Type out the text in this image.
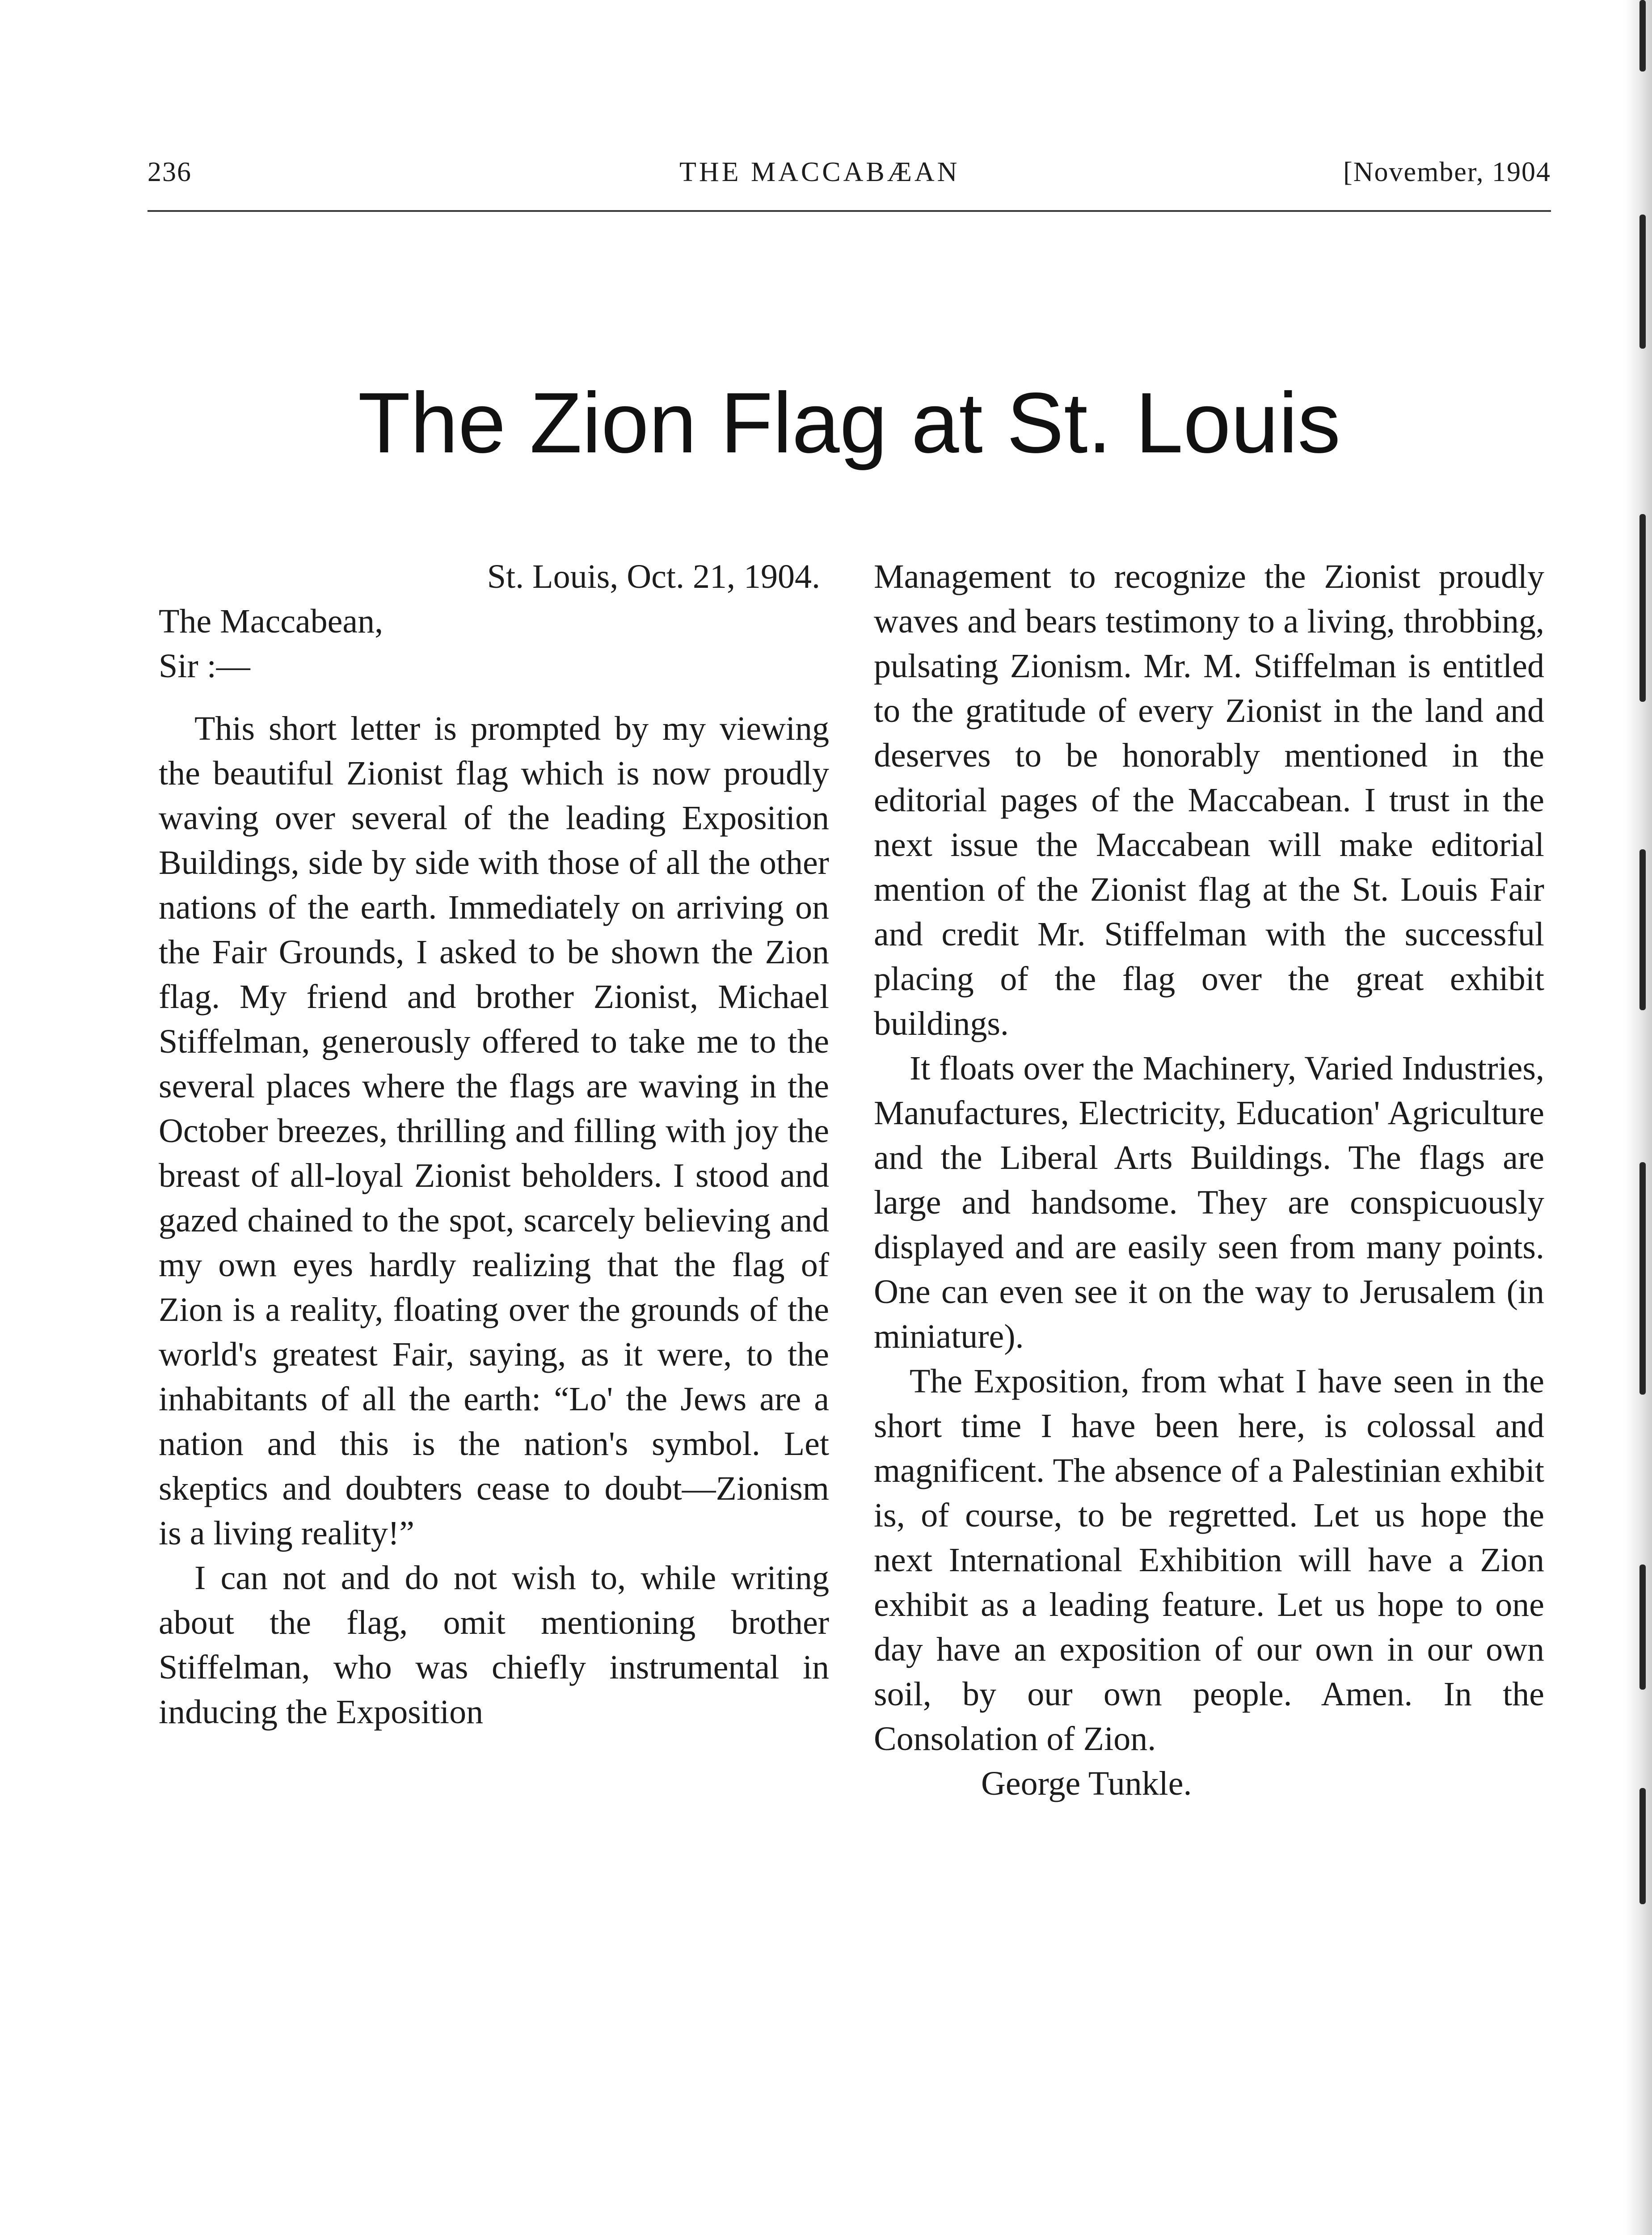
236	THE MACCABÆAN	[November, 1904
The Zion Flag at St. Louis

St. Louis, Oct. 21, 1904.

The Maccabean,

Sir :—

This short letter is prompted by my viewing the beautiful Zionist flag which is now proudly waving over several of the leading Exposition Buildings, side by side with those of all the other nations of the earth. Immediately on arriving on the Fair Grounds, I asked to be shown the Zion flag. My friend and brother Zionist, Michael Stiffelman, generously offered to take me to the several places where the flags are waving in the October breezes, thrilling and filling with joy the breast of all-loyal Zionist beholders. I stood and gazed chained to the spot, scarcely believing and my own eyes hardly realizing that the flag of Zion is a reality, floating over the grounds of the world's greatest Fair, saying, as it were, to the inhabitants of all the earth: “Lo' the Jews are a nation and this is the nation's symbol. Let skeptics and doubters cease to doubt—Zionism is a living reality!”

I can not and do not wish to, while writing about the flag, omit mentioning brother Stiffelman, who was chiefly instrumental in inducing the Exposition

Management to recognize the Zionist proudly waves and bears testimony to a living, throbbing, pulsating Zionism. Mr. M. Stiffelman is entitled to the gratitude of every Zionist in the land and deserves to be honorably mentioned in the editorial pages of the Maccabean. I trust in the next issue the Maccabean will make editorial mention of the Zionist flag at the St. Louis Fair and credit Mr. Stiffelman with the successful placing of the flag over the great exhibit buildings.

It floats over the Machinery, Varied Industries, Manufactures, Electricity, Education' Agriculture and the Liberal Arts Buildings. The flags are large and handsome. They are conspicuously displayed and are easily seen from many points. One can even see it on the way to Jerusalem (in miniature).

The Exposition, from what I have seen in the short time I have been here, is colossal and magnificent. The absence of a Palestinian exhibit is, of course, to be regretted. Let us hope the next International Exhibition will have a Zion exhibit as a leading feature. Let us hope to one day have an exposition of our own in our own soil, by our own people. Amen. In the Consolation of Zion.

George Tunkle.
